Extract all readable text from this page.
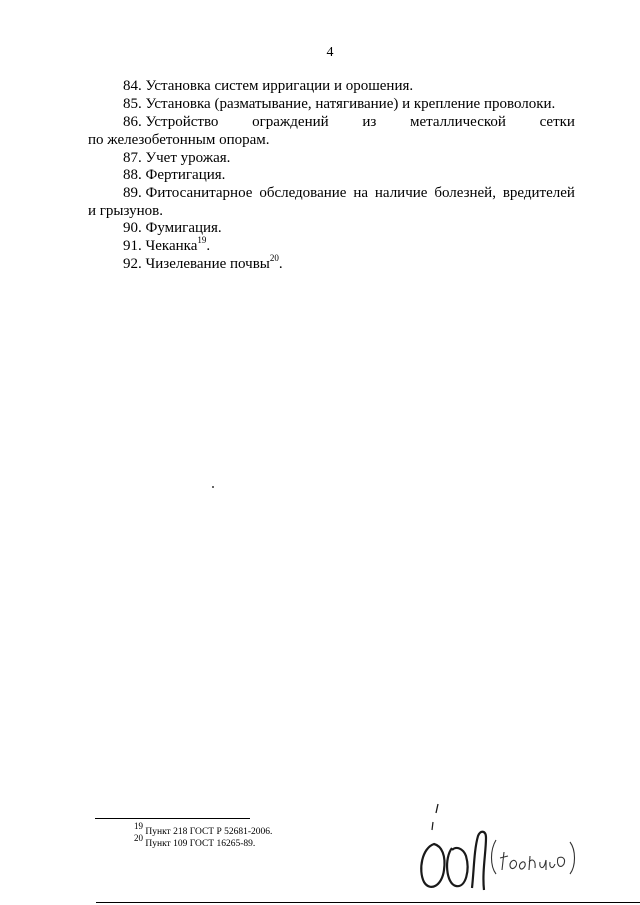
4
84. Установка систем ирригации и орошения.
85. Установка (разматывание, натягивание) и крепление проволоки.
86. Устройство ограждений из металлической сетки
по железобетонным опорам.
87. Учет урожая.
88. Фертигация.
89. Фитосанитарное обследование на наличие болезней, вредителей
и грызунов.
90. Фумигация.
91. Чеканка$^{19}$.
92. Чизелевание почвы$^{20}$.
$^{19}$ Пункт 218 ГОСТ Р 52681-2006.
$^{20}$ Пункт 109 ГОСТ 16265-89.
